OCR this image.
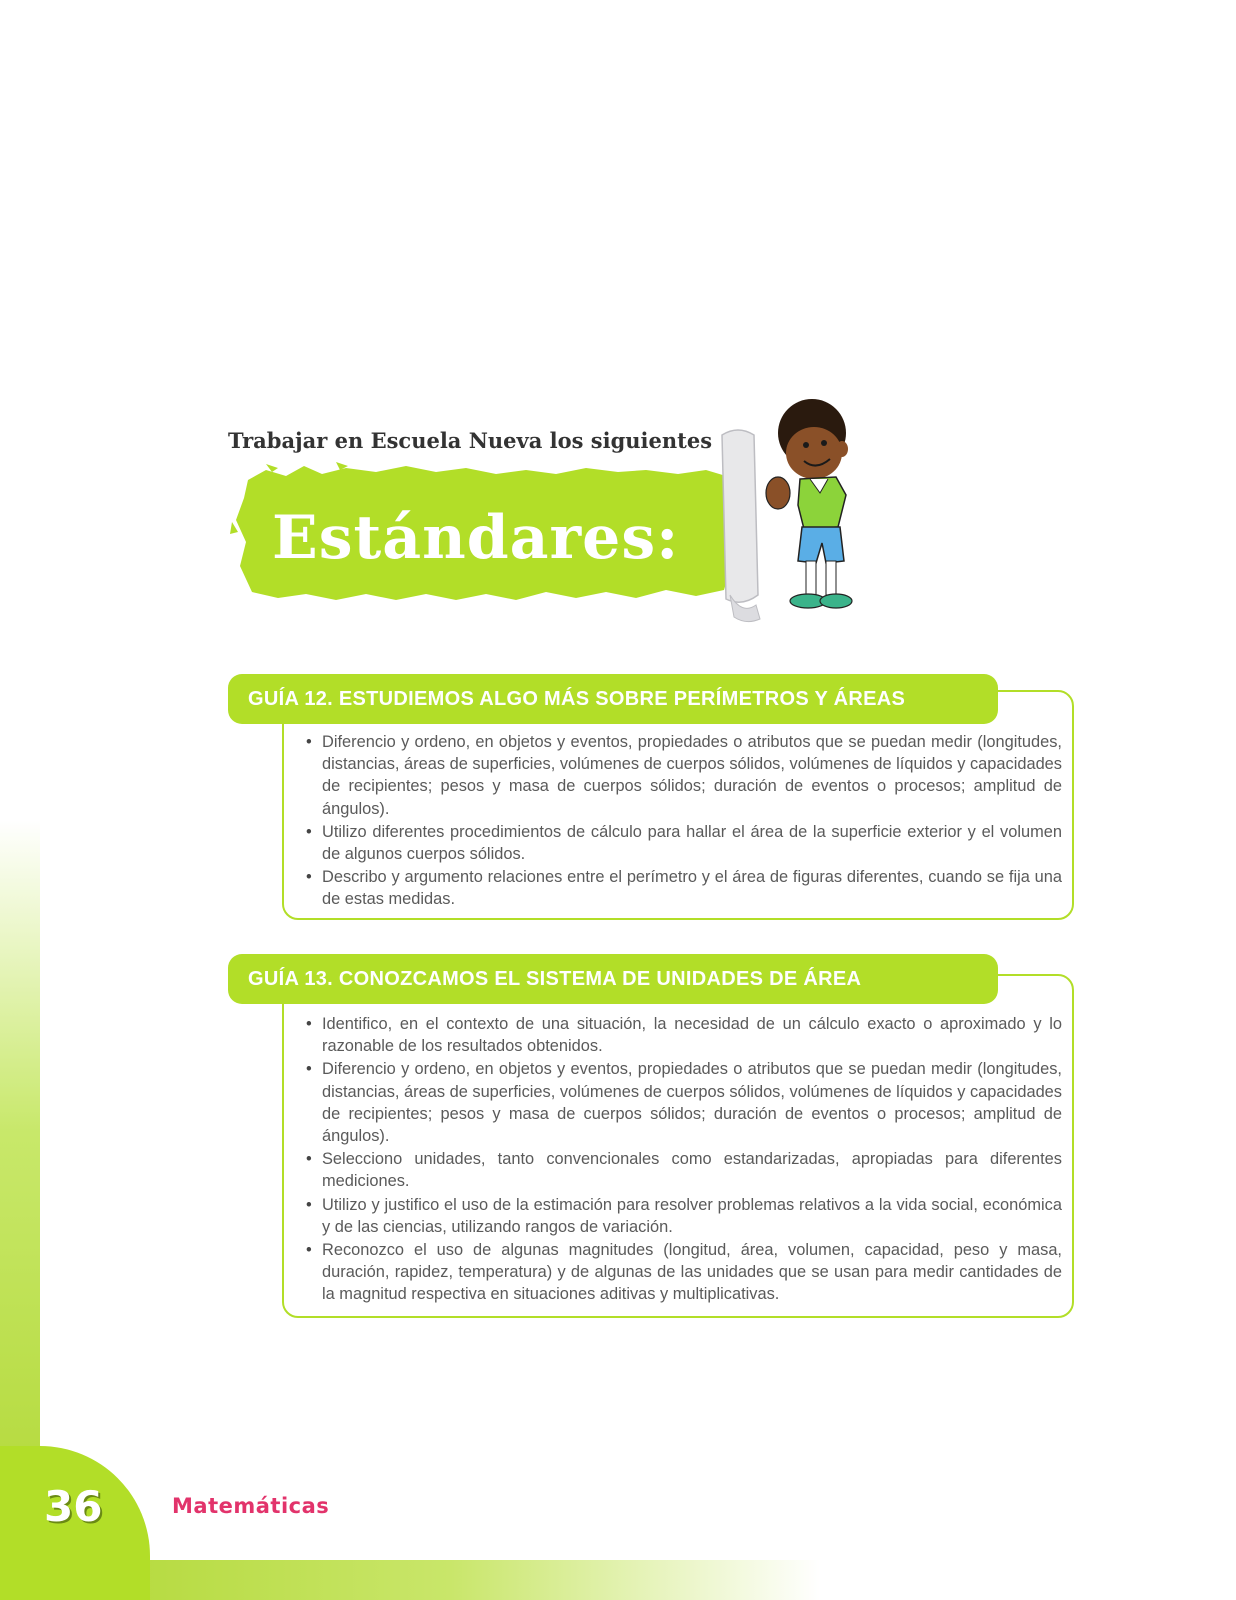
Trabajar en Escuela Nueva los siguientes
Estándares:
GUÍA 12. ESTUDIEMOS ALGO MÁS SOBRE PERÍMETROS Y ÁREAS
• Diferencio y ordeno, en objetos y eventos, propiedades o atributos que se puedan medir (longitudes, distancias, áreas de superficies, volúmenes de cuerpos sólidos, volúmenes de líquidos y capacidades de recipientes; pesos y masa de cuerpos sólidos; duración de eventos o procesos; amplitud de ángulos).
• Utilizo diferentes procedimientos de cálculo para hallar el área de la superficie exterior y el volumen de algunos cuerpos sólidos.
• Describo y argumento relaciones entre el perímetro y el área de figuras diferentes, cuando se fija una de estas medidas.
GUÍA 13. CONOZCAMOS EL SISTEMA DE UNIDADES DE ÁREA
• Identifico, en el contexto de una situación, la necesidad de un cálculo exacto o aproximado y lo razonable de los resultados obtenidos.
• Diferencio y ordeno, en objetos y eventos, propiedades o atributos que se puedan medir (longitudes, distancias, áreas de superficies, volúmenes de cuerpos sólidos, volúmenes de líquidos y capacidades de recipientes; pesos y masa de cuerpos sólidos; duración de eventos o procesos; amplitud de ángulos).
• Selecciono unidades, tanto convencionales como estandarizadas, apropiadas para diferentes mediciones.
• Utilizo y justifico el uso de la estimación para resolver problemas relativos a la vida social, económica y de las ciencias, utilizando rangos de variación.
• Reconozco el uso de algunas magnitudes (longitud, área, volumen, capacidad, peso y masa, duración, rapidez, temperatura) y de algunas de las unidades que se usan para medir cantidades de la magnitud respectiva en situaciones aditivas y multiplicativas.
36	Matemáticas
